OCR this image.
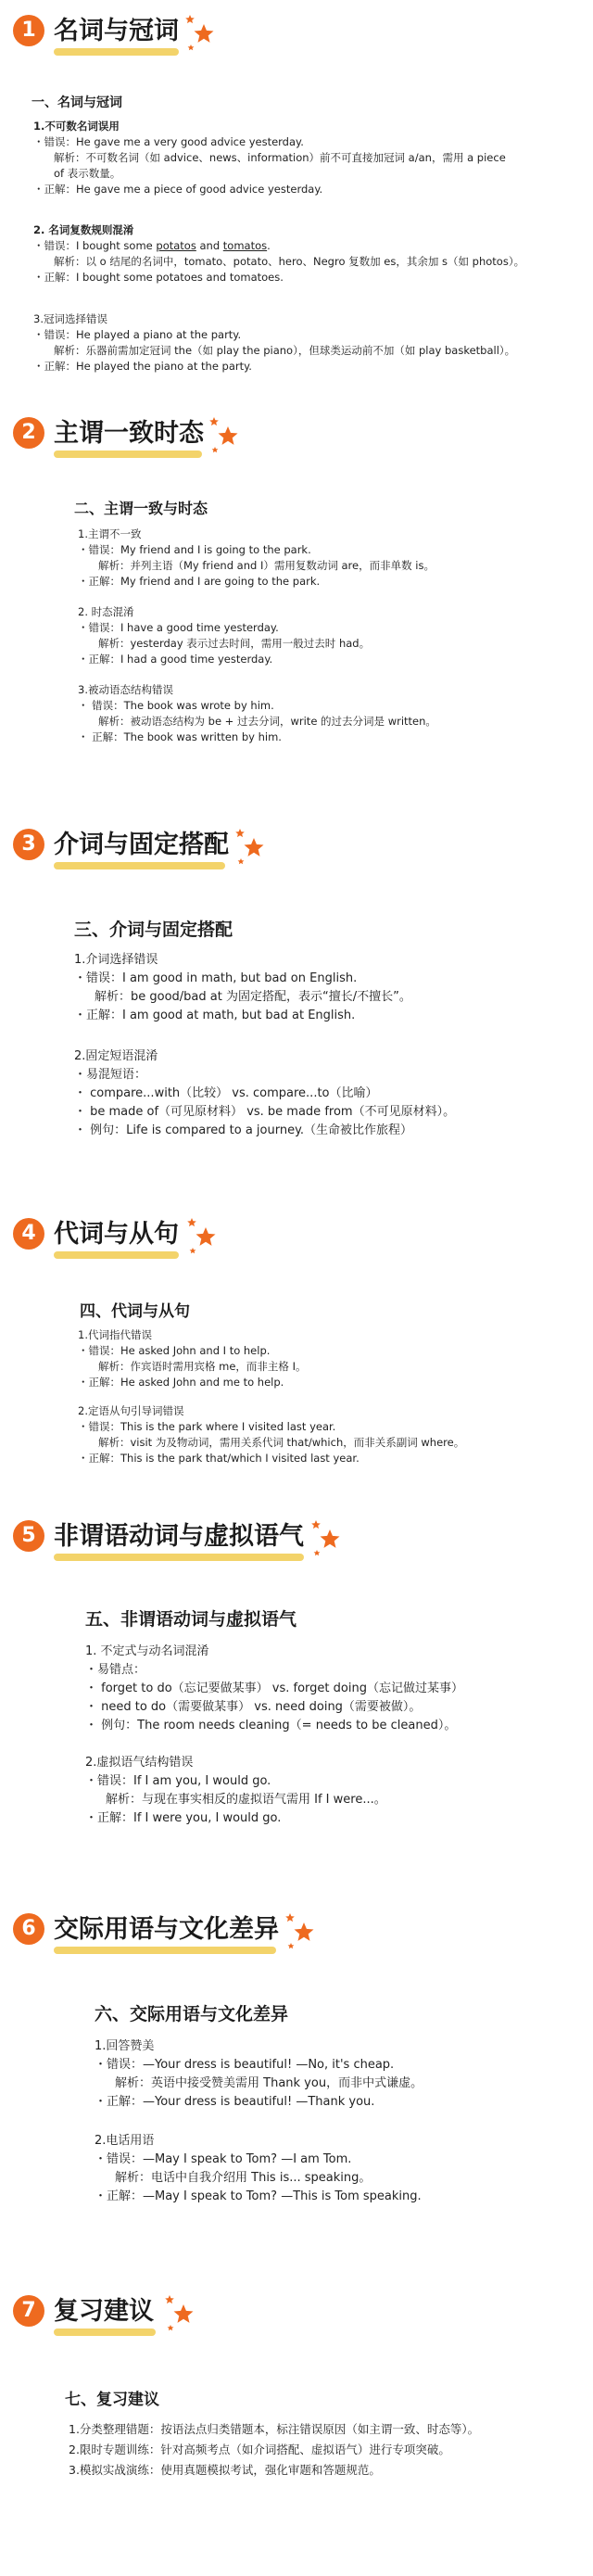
1 名词与冠词
一、名词与冠词
1.不可数名词误用
・错误：He gave me a very good advice yesterday.
解析：不可数名词（如 advice、news、information）前不可直接加冠词 a/an，需用 a piece
of 表示数量。
・正解：He gave me a piece of good advice yesterday.
2. 名词复数规则混淆
・错误：I bought some potatos and tomatos.
解析：以 o 结尾的名词中，tomato、potato、hero、Negro 复数加 es，其余加 s（如 photos）。
・正解：I bought some potatoes and tomatoes.
3.冠词选择错误
・错误：He played a piano at the party.
解析：乐器前需加定冠词 the（如 play the piano），但球类运动前不加（如 play basketball）。
・正解：He played the piano at the party.
2 主谓一致时态
二、主谓一致与时态
1.主谓不一致
・错误：My friend and I is going to the park.
解析：并列主语（My friend and I）需用复数动词 are，而非单数 is。
・正解：My friend and I are going to the park.
2. 时态混淆
・错误：I have a good time yesterday.
解析：yesterday 表示过去时间，需用一般过去时 had。
・正解：I had a good time yesterday.
3.被动语态结构错误
・ 错误：The book was wrote by him.
解析：被动语态结构为 be + 过去分词，write 的过去分词是 written。
・ 正解：The book was written by him.
3 介词与固定搭配
三、介词与固定搭配
1.介词选择错误
・错误：I am good in math, but bad on English.
解析：be good/bad at 为固定搭配，表示“擅长/不擅长”。
・正解：I am good at math, but bad at English.
2.固定短语混淆
・易混短语：
・ compare...with（比较） vs. compare...to（比喻）
・ be made of（可见原材料） vs. be made from（不可见原材料）。
・ 例句：Life is compared to a journey.（生命被比作旅程）
4 代词与从句
四、代词与从句
1.代词指代错误
・错误：He asked John and I to help.
解析：作宾语时需用宾格 me，而非主格 I。
・正解：He asked John and me to help.
2.定语从句引导词错误
・错误：This is the park where I visited last year.
解析：visit 为及物动词，需用关系代词 that/which，而非关系副词 where。
・正解：This is the park that/which I visited last year.
5 非谓语动词与虚拟语气
五、非谓语动词与虚拟语气
1. 不定式与动名词混淆
・易错点：
・ forget to do（忘记要做某事） vs. forget doing（忘记做过某事）
・ need to do（需要做某事） vs. need doing（需要被做）。
・ 例句：The room needs cleaning（= needs to be cleaned）。
2.虚拟语气结构错误
・错误：If I am you, I would go.
解析：与现在事实相反的虚拟语气需用 If I were...。
・正解：If I were you, I would go.
6 交际用语与文化差异
六、交际用语与文化差异
1.回答赞美
・错误：—Your dress is beautiful! —No, it's cheap.
解析：英语中接受赞美需用 Thank you，而非中式谦虚。
・正解：—Your dress is beautiful! —Thank you.
2.电话用语
・错误：—May I speak to Tom? —I am Tom.
解析：电话中自我介绍用 This is... speaking。
・正解：—May I speak to Tom? —This is Tom speaking.
7 复习建议
七、复习建议
1.分类整理错题：按语法点归类错题本，标注错误原因（如主谓一致、时态等）。
2.限时专题训练：针对高频考点（如介词搭配、虚拟语气）进行专项突破。
3.模拟实战演练：使用真题模拟考试，强化审题和答题规范。
